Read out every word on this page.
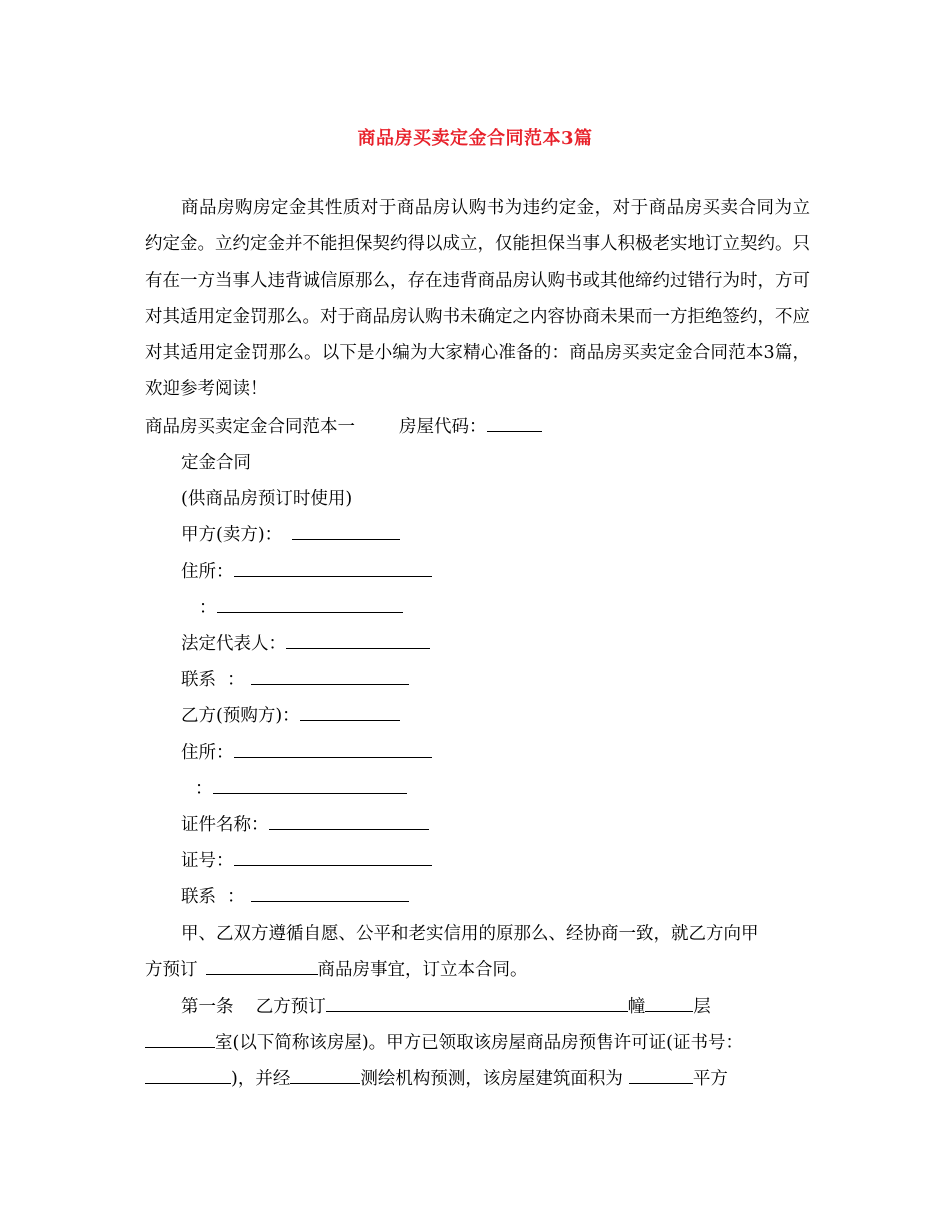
商品房买卖定金合同范本3篇

商品房购房定金其性质对于商品房认购书为违约定金，对于商品房买卖合同为立约定金。立约定金并不能担保契约得以成立，仅能担保当事人积极老实地订立契约。只有在一方当事人违背诚信原那么，存在违背商品房认购书或其他缔约过错行为时，方可对其适用定金罚那么。对于商品房认购书未确定之内容协商未果而一方拒绝签约，不应对其适用定金罚那么。以下是小编为大家精心准备的：商品房买卖定金合同范本3篇，欢迎参考阅读！

商品房买卖定金合同范本一	房屋代码：
定金合同
(供商品房预订时使用)
甲方(卖方)：
住所：
：
法定代表人：
联系  ：
乙方(预购方)：
住所：
：
证件名称：
证号：
联系  ：
甲、乙双方遵循自愿、公平和老实信用的原那么、经协商一致，就乙方向甲
方预订	商品房事宜，订立本合同。
第一条    乙方预订	幢	层
室(以下简称该房屋)。甲方已领取该房屋商品房预售许可证(证书号：
)，并经	测绘机构预测，该房屋建筑面积为	平方
